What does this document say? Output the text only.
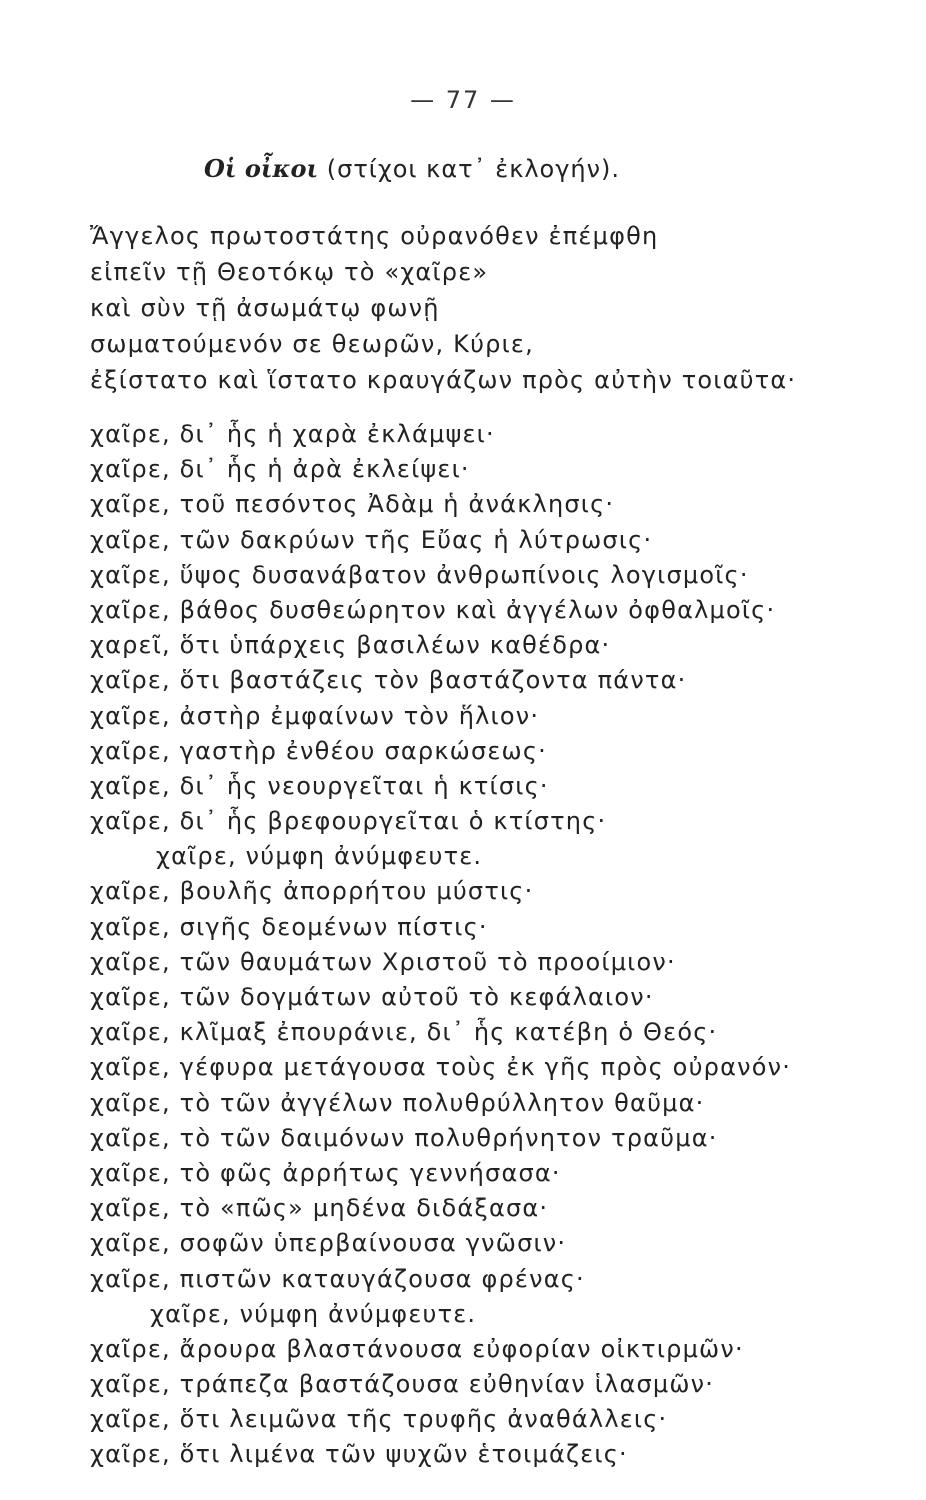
— 77 —
Οἱ οἶκοι (στίχοι κατ᾿ ἐκλογήν).
Ἄγγελος πρωτοστάτης οὐρανόθεν ἐπέμφθη
εἰπεῖν τῇ Θεοτόκῳ τὸ «χαῖρε»
καὶ σὺν τῇ ἀσωμάτῳ φωνῇ
σωματούμενόν σε θεωρῶν, Κύριε,
ἐξίστατο καὶ ἵστατο κραυγάζων πρὸς αὐτὴν τοιαῦτα·
χαῖρε, δι᾿ ἧς ἡ χαρὰ ἐκλάμψει·
χαῖρε, δι᾿ ἧς ἡ ἀρὰ ἐκλείψει·
χαῖρε, τοῦ πεσόντος Ἀδὰμ ἡ ἀνάκλησις·
χαῖρε, τῶν δακρύων τῆς Εὔας ἡ λύτρωσις·
χαῖρε, ὕψος δυσανάβατον ἀνθρωπίνοις λογισμοῖς·
χαῖρε, βάθος δυσθεώρητον καὶ ἀγγέλων ὀφθαλμοῖς·
χαρεῖ, ὅτι ὑπάρχεις βασιλέων καθέδρα·
χαῖρε, ὅτι βαστάζεις τὸν βαστάζοντα πάντα·
χαῖρε, ἀστὴρ ἐμφαίνων τὸν ἥλιον·
χαῖρε, γαστὴρ ἐνθέου σαρκώσεως·
χαῖρε, δι᾿ ἧς νεουργεῖται ἡ κτίσις·
χαῖρε, δι᾿ ἧς βρεφουργεῖται ὁ κτίστης·
χαῖρε, νύμφη ἀνύμφευτε.
χαῖρε, βουλῆς ἀπορρήτου μύστις·
χαῖρε, σιγῆς δεομένων πίστις·
χαῖρε, τῶν θαυμάτων Χριστοῦ τὸ προοίμιον·
χαῖρε, τῶν δογμάτων αὐτοῦ τὸ κεφάλαιον·
χαῖρε, κλῖμαξ ἐπουράνιε, δι᾿ ἧς κατέβη ὁ Θεός·
χαῖρε, γέφυρα μετάγουσα τοὺς ἐκ γῆς πρὸς οὐρανόν·
χαῖρε, τὸ τῶν ἀγγέλων πολυθρύλλητον θαῦμα·
χαῖρε, τὸ τῶν δαιμόνων πολυθρήνητον τραῦμα·
χαῖρε, τὸ φῶς ἀρρήτως γεννήσασα·
χαῖρε, τὸ «πῶς» μηδένα διδάξασα·
χαῖρε, σοφῶν ὑπερβαίνουσα γνῶσιν·
χαῖρε, πιστῶν καταυγάζουσα φρένας·
χαῖρε, νύμφη ἀνύμφευτε.
χαῖρε, ἄρουρα βλαστάνουσα εὐφορίαν οἰκτιρμῶν·
χαῖρε, τράπεζα βαστάζουσα εὐθηνίαν ἱλασμῶν·
χαῖρε, ὅτι λειμῶνα τῆς τρυφῆς ἀναθάλλεις·
χαῖρε, ὅτι λιμένα τῶν ψυχῶν ἑτοιμάζεις·
